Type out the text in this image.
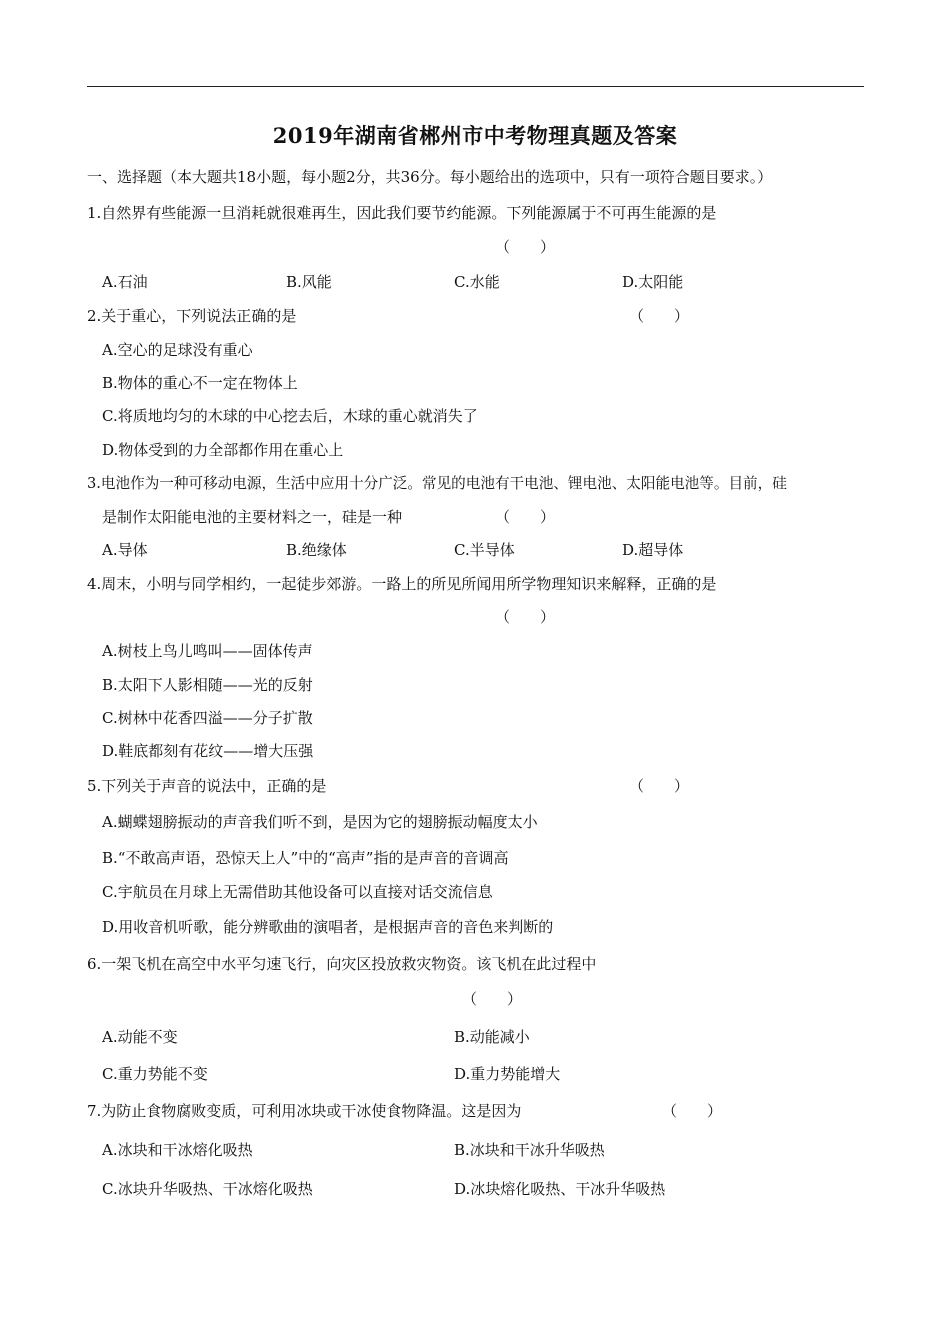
2019年湖南省郴州市中考物理真题及答案
一、选择题（本大题共18小题，每小题2分，共36分。每小题给出的选项中，只有一项符合题目要求。）
1.自然界有些能源一旦消耗就很难再生，因此我们要节约能源。下列能源属于不可再生能源的是
（　　）
A.石油	B.风能	C.水能	D.太阳能
2.关于重心，下列说法正确的是	（　　）
A.空心的足球没有重心
B.物体的重心不一定在物体上
C.将质地均匀的木球的中心挖去后，木球的重心就消失了
D.物体受到的力全部都作用在重心上
3.电池作为一种可移动电源，生活中应用十分广泛。常见的电池有干电池、锂电池、太阳能电池等。目前，硅
是制作太阳能电池的主要材料之一，硅是一种	（　　）
A.导体	B.绝缘体	C.半导体	D.超导体
4.周末，小明与同学相约，一起徒步郊游。一路上的所见所闻用所学物理知识来解释，正确的是
（　　）
A.树枝上鸟儿鸣叫——固体传声
B.太阳下人影相随——光的反射
C.树林中花香四溢——分子扩散
D.鞋底都刻有花纹——增大压强
5.下列关于声音的说法中，正确的是	（　　）
A.蝴蝶翅膀振动的声音我们听不到，是因为它的翅膀振动幅度太小
B.“不敢高声语，恐惊天上人”中的“高声”指的是声音的音调高
C.宇航员在月球上无需借助其他设备可以直接对话交流信息
D.用收音机听歌，能分辨歌曲的演唱者，是根据声音的音色来判断的
6.一架飞机在高空中水平匀速飞行，向灾区投放救灾物资。该飞机在此过程中
（　　）
A.动能不变	B.动能减小
C.重力势能不变	D.重力势能增大
7.为防止食物腐败变质，可利用冰块或干冰使食物降温。这是因为	（　　）
A.冰块和干冰熔化吸热	B.冰块和干冰升华吸热
C.冰块升华吸热、干冰熔化吸热	D.冰块熔化吸热、干冰升华吸热
